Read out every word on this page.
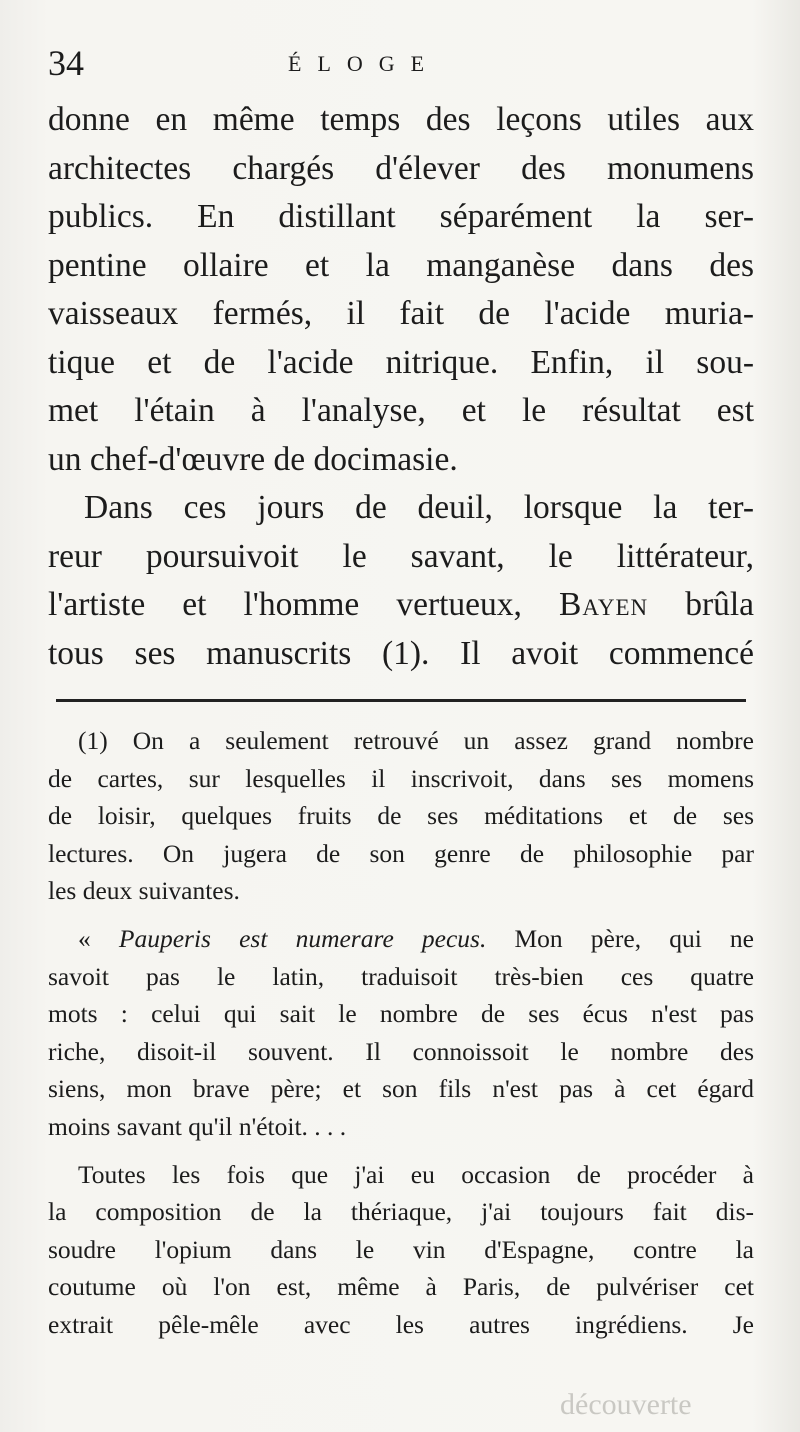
34	ÉLOGE
donne en même temps des leçons utiles aux
architectes chargés d'élever des monumens
publics. En distillant séparément la ser-
pentine ollaire et la manganèse dans des
vaisseaux fermés, il fait de l'acide muria-
tique et de l'acide nitrique. Enfin, il sou-
met l'étain à l'analyse, et le résultat est
un chef-d'œuvre de docimasie.
Dans ces jours de deuil, lorsque la ter-
reur poursuivoit le savant, le littérateur,
l'artiste et l'homme vertueux, Bayen brûla
tous ses manuscrits (1). Il avoit commencé
(1) On a seulement retrouvé un assez grand nombre
de cartes, sur lesquelles il inscrivoit, dans ses momens
de loisir, quelques fruits de ses méditations et de ses
lectures. On jugera de son genre de philosophie par
les deux suivantes.
« Pauperis est numerare pecus. Mon père, qui ne
savoit pas le latin, traduisoit très-bien ces quatre
mots : celui qui sait le nombre de ses écus n'est pas
riche, disoit-il souvent. Il connoissoit le nombre des
siens, mon brave père; et son fils n'est pas à cet égard
moins savant qu'il n'étoit. . . .
Toutes les fois que j'ai eu occasion de procéder à
la composition de la thériaque, j'ai toujours fait dis-
soudre l'opium dans le vin d'Espagne, contre la
coutume où l'on est, même à Paris, de pulvériser cet
extrait pêle-mêle avec les autres ingrédiens. Je
découverte
